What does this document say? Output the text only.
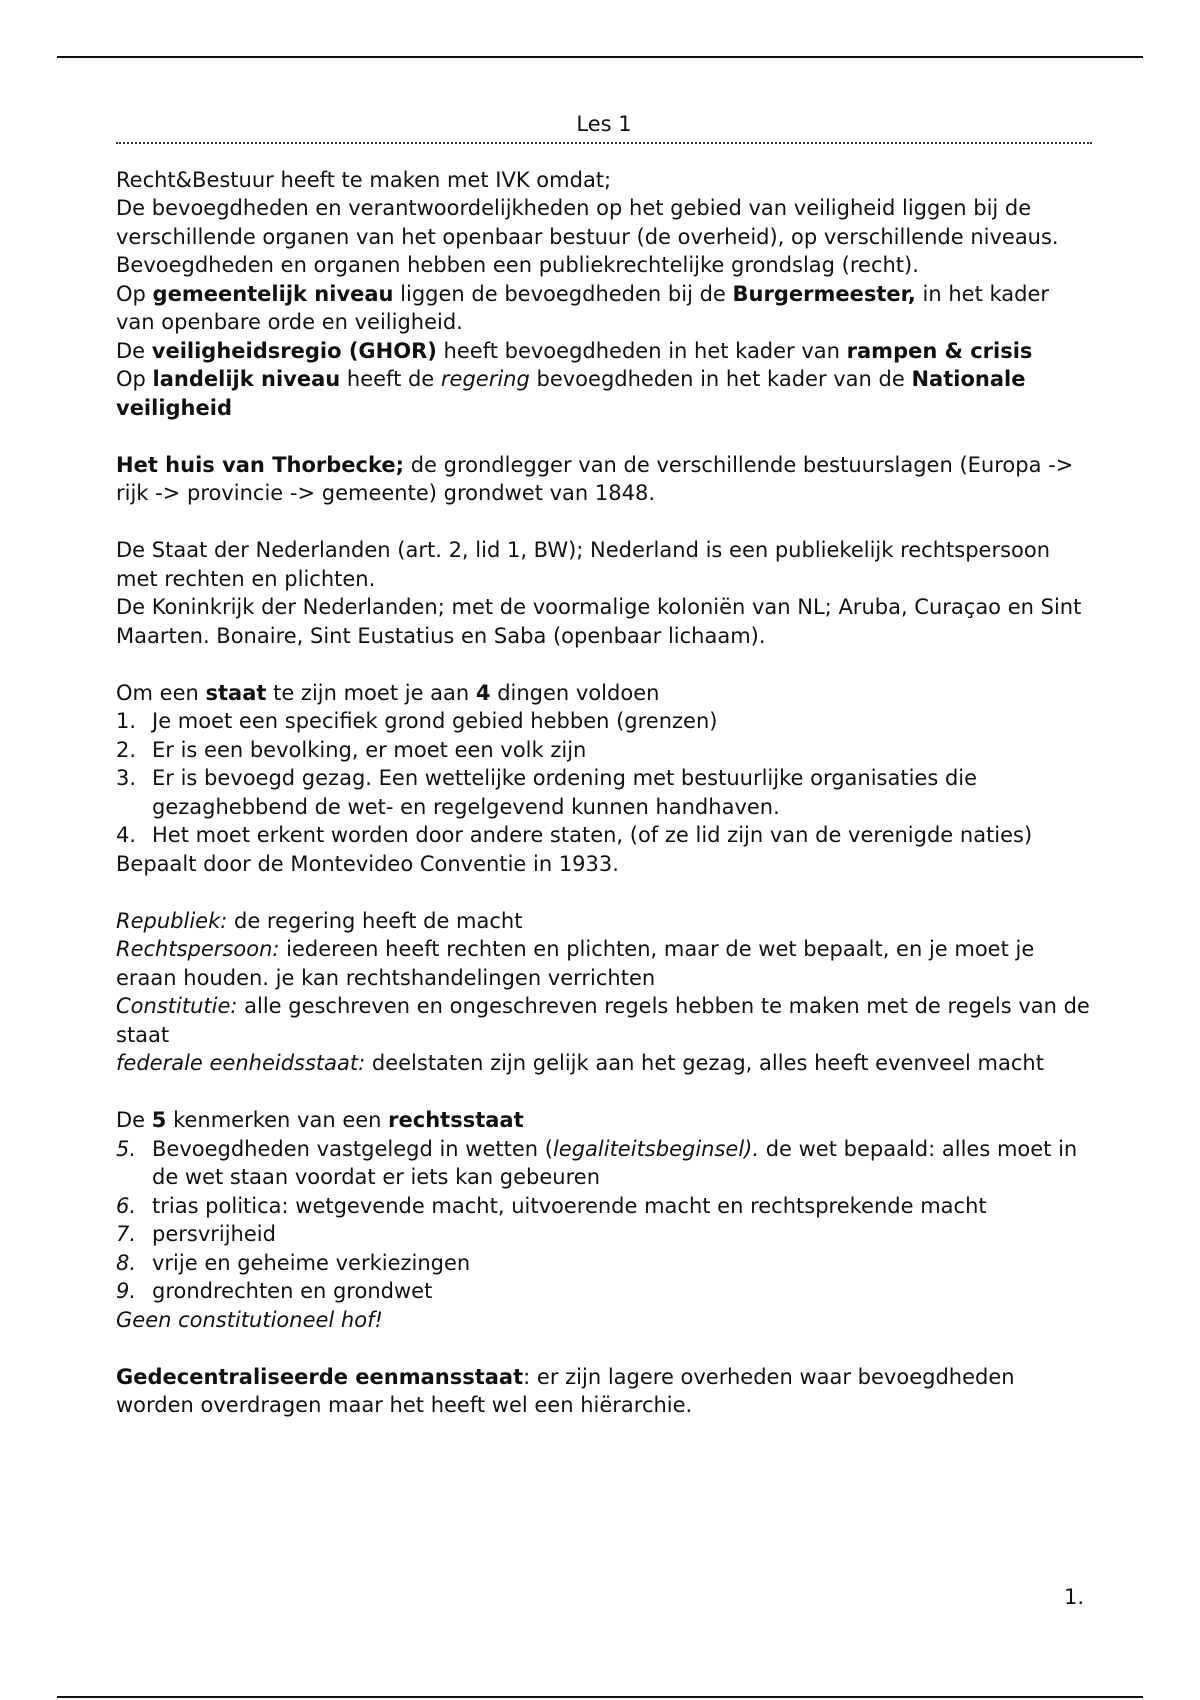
Les 1

Recht&Bestuur heeft te maken met IVK omdat;

De bevoegdheden en verantwoordelijkheden op het gebied van veiligheid liggen bij de verschillende organen van het openbaar bestuur (de overheid), op verschillende niveaus. Bevoegdheden en organen hebben een publiekrechtelijke grondslag (recht).

Op gemeentelijk niveau liggen de bevoegdheden bij de Burgermeester, in het kader van openbare orde en veiligheid.

De veiligheidsregio (GHOR) heeft bevoegdheden in het kader van rampen & crisis

Op landelijk niveau heeft de regering bevoegdheden in het kader van de Nationale veiligheid

Het huis van Thorbecke; de grondlegger van de verschillende bestuurslagen (Europa -> rijk -> provincie -> gemeente) grondwet van 1848.

De Staat der Nederlanden (art. 2, lid 1, BW); Nederland is een publiekelijk rechtspersoon met rechten en plichten.

De Koninkrijk der Nederlanden; met de voormalige koloniën van NL; Aruba, Curaçao en Sint Maarten. Bonaire, Sint Eustatius en Saba (openbaar lichaam).

Om een staat te zijn moet je aan 4 dingen voldoen

1. Je moet een specifiek grond gebied hebben (grenzen)
2. Er is een bevolking, er moet een volk zijn
3. Er is bevoegd gezag. Een wettelijke ordening met bestuurlijke organisaties die gezaghebbend de wet- en regelgevend kunnen handhaven.
4. Het moet erkent worden door andere staten, (of ze lid zijn van de verenigde naties)

Bepaalt door de Montevideo Conventie in 1933.

Republiek: de regering heeft de macht

Rechtspersoon: iedereen heeft rechten en plichten, maar de wet bepaalt, en je moet je eraan houden. je kan rechtshandelingen verrichten

Constitutie: alle geschreven en ongeschreven regels hebben te maken met de regels van de staat

federale eenheidsstaat: deelstaten zijn gelijk aan het gezag, alles heeft evenveel macht

De 5 kenmerken van een rechtsstaat

5. Bevoegdheden vastgelegd in wetten (legaliteitsbeginsel). de wet bepaald: alles moet in de wet staan voordat er iets kan gebeuren
6. trias politica: wetgevende macht, uitvoerende macht en rechtsprekende macht
7. persvrijheid
8. vrije en geheime verkiezingen
9. grondrechten en grondwet

Geen constitutioneel hof!

Gedecentraliseerde eenmansstaat: er zijn lagere overheden waar bevoegdheden worden overdragen maar het heeft wel een hiërarchie.

1.
